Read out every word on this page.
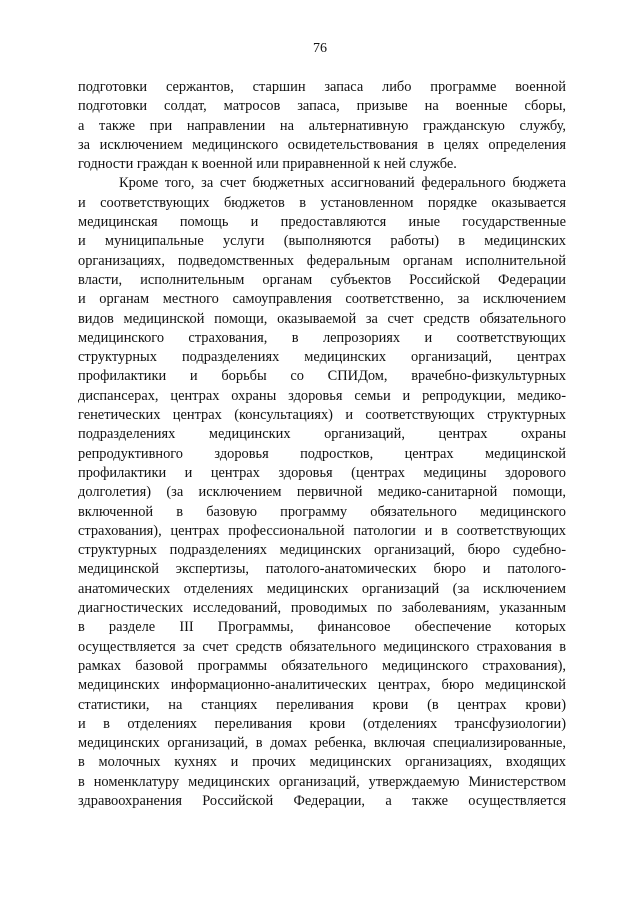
76
подготовки сержантов, старшин запаса либо программе военной
подготовки солдат, матросов запаса, призыве на военные сборы,
а также при направлении на альтернативную гражданскую службу,
за исключением медицинского освидетельствования в целях определения
годности граждан к военной или приравненной к ней службе.
Кроме того, за счет бюджетных ассигнований федерального бюджета
и соответствующих бюджетов в установленном порядке оказывается
медицинская помощь и предоставляются иные государственные
и муниципальные услуги (выполняются работы) в медицинских
организациях, подведомственных федеральным органам исполнительной
власти, исполнительным органам субъектов Российской Федерации
и органам местного самоуправления соответственно, за исключением
видов медицинской помощи, оказываемой за счет средств обязательного
медицинского страхования, в лепрозориях и соответствующих
структурных подразделениях медицинских организаций, центрах
профилактики и борьбы со СПИДом, врачебно-физкультурных
диспансерах, центрах охраны здоровья семьи и репродукции, медико-
генетических центрах (консультациях) и соответствующих структурных
подразделениях медицинских организаций, центрах охраны
репродуктивного здоровья подростков, центрах медицинской
профилактики и центрах здоровья (центрах медицины здорового
долголетия) (за исключением первичной медико-санитарной помощи,
включенной в базовую программу обязательного медицинского
страхования), центрах профессиональной патологии и в соответствующих
структурных подразделениях медицинских организаций, бюро судебно-
медицинской экспертизы, патолого-анатомических бюро и патолого-
анатомических отделениях медицинских организаций (за исключением
диагностических исследований, проводимых по заболеваниям, указанным
в разделе III Программы, финансовое обеспечение которых
осуществляется за счет средств обязательного медицинского страхования в
рамках базовой программы обязательного медицинского страхования),
медицинских информационно-аналитических центрах, бюро медицинской
статистики, на станциях переливания крови (в центрах крови)
и в отделениях переливания крови (отделениях трансфузиологии)
медицинских организаций, в домах ребенка, включая специализированные,
в молочных кухнях и прочих медицинских организациях, входящих
в номенклатуру медицинских организаций, утверждаемую Министерством
здравоохранения Российской Федерации, а также осуществляется
